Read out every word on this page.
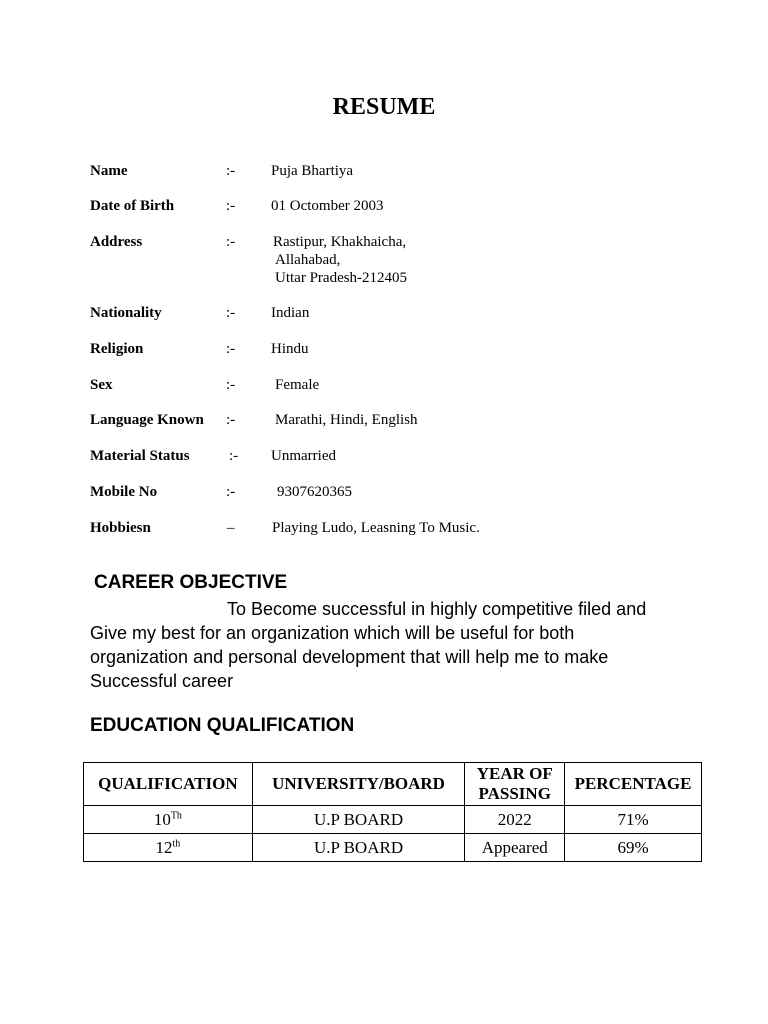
RESUME
Name	:- Puja Bhartiya
Date of Birth	:- 01 Octomber 2003
Address	:-	Rastipur, Khakhaicha,
Allahabad,
Uttar Pradesh-212405
Nationality	:- Indian
Religion	:- Hindu
Sex	:-	Female
Language Known :-	Marathi, Hindi, English
Material Status	:- Unmarried
Mobile No	:-	9307620365
Hobbiesn	–	Playing Ludo, Leasning To Music.
CAREER OBJECTIVE
To Become successful in highly competitive filed and
Give my best for an organization which will be useful for both
organization and personal development that will help me to make
Successful career
EDUCATION QUALIFICATION
QUALIFICATION	UNIVERSITY/BOARD	YEAR OF PASSING	PERCENTAGE
10Th	U.P BOARD	2022	71%
12th	U.P BOARD	Appeared	69%
